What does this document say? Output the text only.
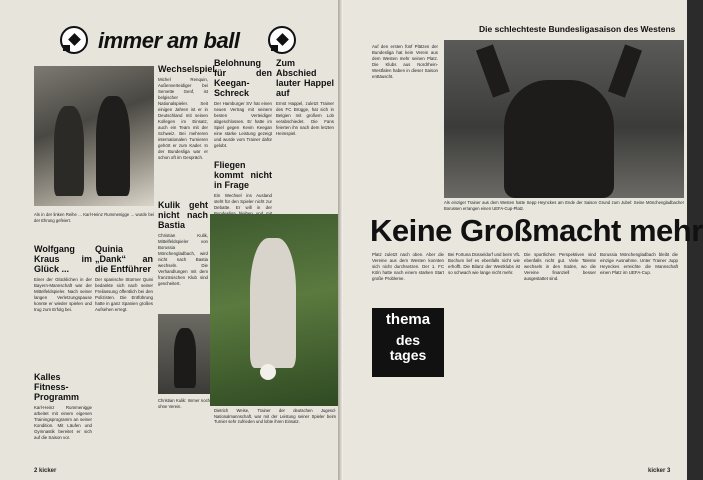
immer am ball
Als in der linken Reihe ... Karl-Heinz Rummenigge ... wurde bei der Ehrung gefeiert.
Wolfgang Kraus im Glück ...

Einer der Glücklichen in der Bayern-Mannschaft war der Mittelfeldspieler. Nach seiner langen Verletzungspause konnte er wieder spielen und trug zum Erfolg bei.

Kalles Fitness-Programm

Karl-Heinz Rummenigge arbeitet mit einem eigenen Trainingsprogramm an seiner Kondition. Mit Läufen und Gymnastik bereitet er sich auf die Saison vor.

Quinia „Dank“ an die Entführer

Der spanische Stürmer Quini bedankte sich nach seiner Freilassung öffentlich bei den Polizisten. Die Entführung hatte in ganz Spanien großes Aufsehen erregt.

Wechselspiel

Michel Renquin, Außenverteidiger bei Servette Genf, ist belgischer Nationalspieler. Seit einigen Jahren ist er in Deutschland mit seinen Kollegen im Einsatz, auch ein Team mit der Schweiz. Bei mehreren internationalen Turnieren gehört er zum Kader. In der Bundesliga war er schon oft im Gespräch.

Kulik geht nicht nach Bastia

Christian Kulik, Mittelfeldspieler von Borussia Mönchengladbach, wird nicht nach Bastia wechseln. Die Verhandlungen mit dem französischen Klub sind gescheitert.

Christian Kulik: Immer noch ohne Verein.
Belohnung für den Keegan-Schreck

Der Hamburger SV hat einen neuen Vertrag mit seinem besten Verteidiger abgeschlossen. Er hatte im Spiel gegen Kevin Keegan eine starke Leistung gezeigt und wurde vom Trainer dafür gelobt.

Fliegen kommt nicht in Frage

Ein Wechsel ins Ausland steht für den Spieler nicht zur Debatte. Er will in der

Zum Abschied lauter Happel auf

Ernst Happel, zuletzt Trainer des FC Brügge, hat sich in Belgien mit großem Lob verabschiedet. Die Fans feierten ihn nach dem letzten Heimspiel.

Dietrich Weise, Trainer der deutschen Jugend-Nationalmannschaft, war mit der Leistung seiner Spieler beim Turnier sehr zufrieden und lobte ihren Einsatz.
2 kicker
Die schlechteste Bundesligasaison des Westens

Auf den ersten fünf Plätzen der Bundesliga hat kein Verein aus dem Westen mehr seinen Platz. Die Klubs aus Nordrhein-Westfalen haben in dieser Saison enttäuscht.

Als einziger Trainer aus dem Westen hatte Sepp Heynckes am Ende der Saison Grund zum Jubel: Seine Mönchengladbacher Borussen errangen einen UEFA-Cup-Platz.
Keine Großmacht mehr
thema
des
tages

Platz zuletzt nach oben. Aber die Vereine aus dem Westen konnten sich nicht durchsetzen. Der 1. FC Köln hatte nach einem starken Start große Probleme.

Bei Fortuna Düsseldorf und beim VfL Bochum lief es ebenfalls nicht wie erhofft. Die Bilanz der Westklubs ist so schwach wie lange nicht mehr.

Die sportlichen Perspektiven sind ebenfalls nicht gut. Viele Talente wechseln in den Süden, wo die Vereine finanziell besser ausgestattet sind.

Borussia Mönchengladbach bleibt die einzige Ausnahme. Unter Trainer Jupp Heynckes erreichte die Mannschaft einen Platz im UEFA-Cup.

kicker 3
